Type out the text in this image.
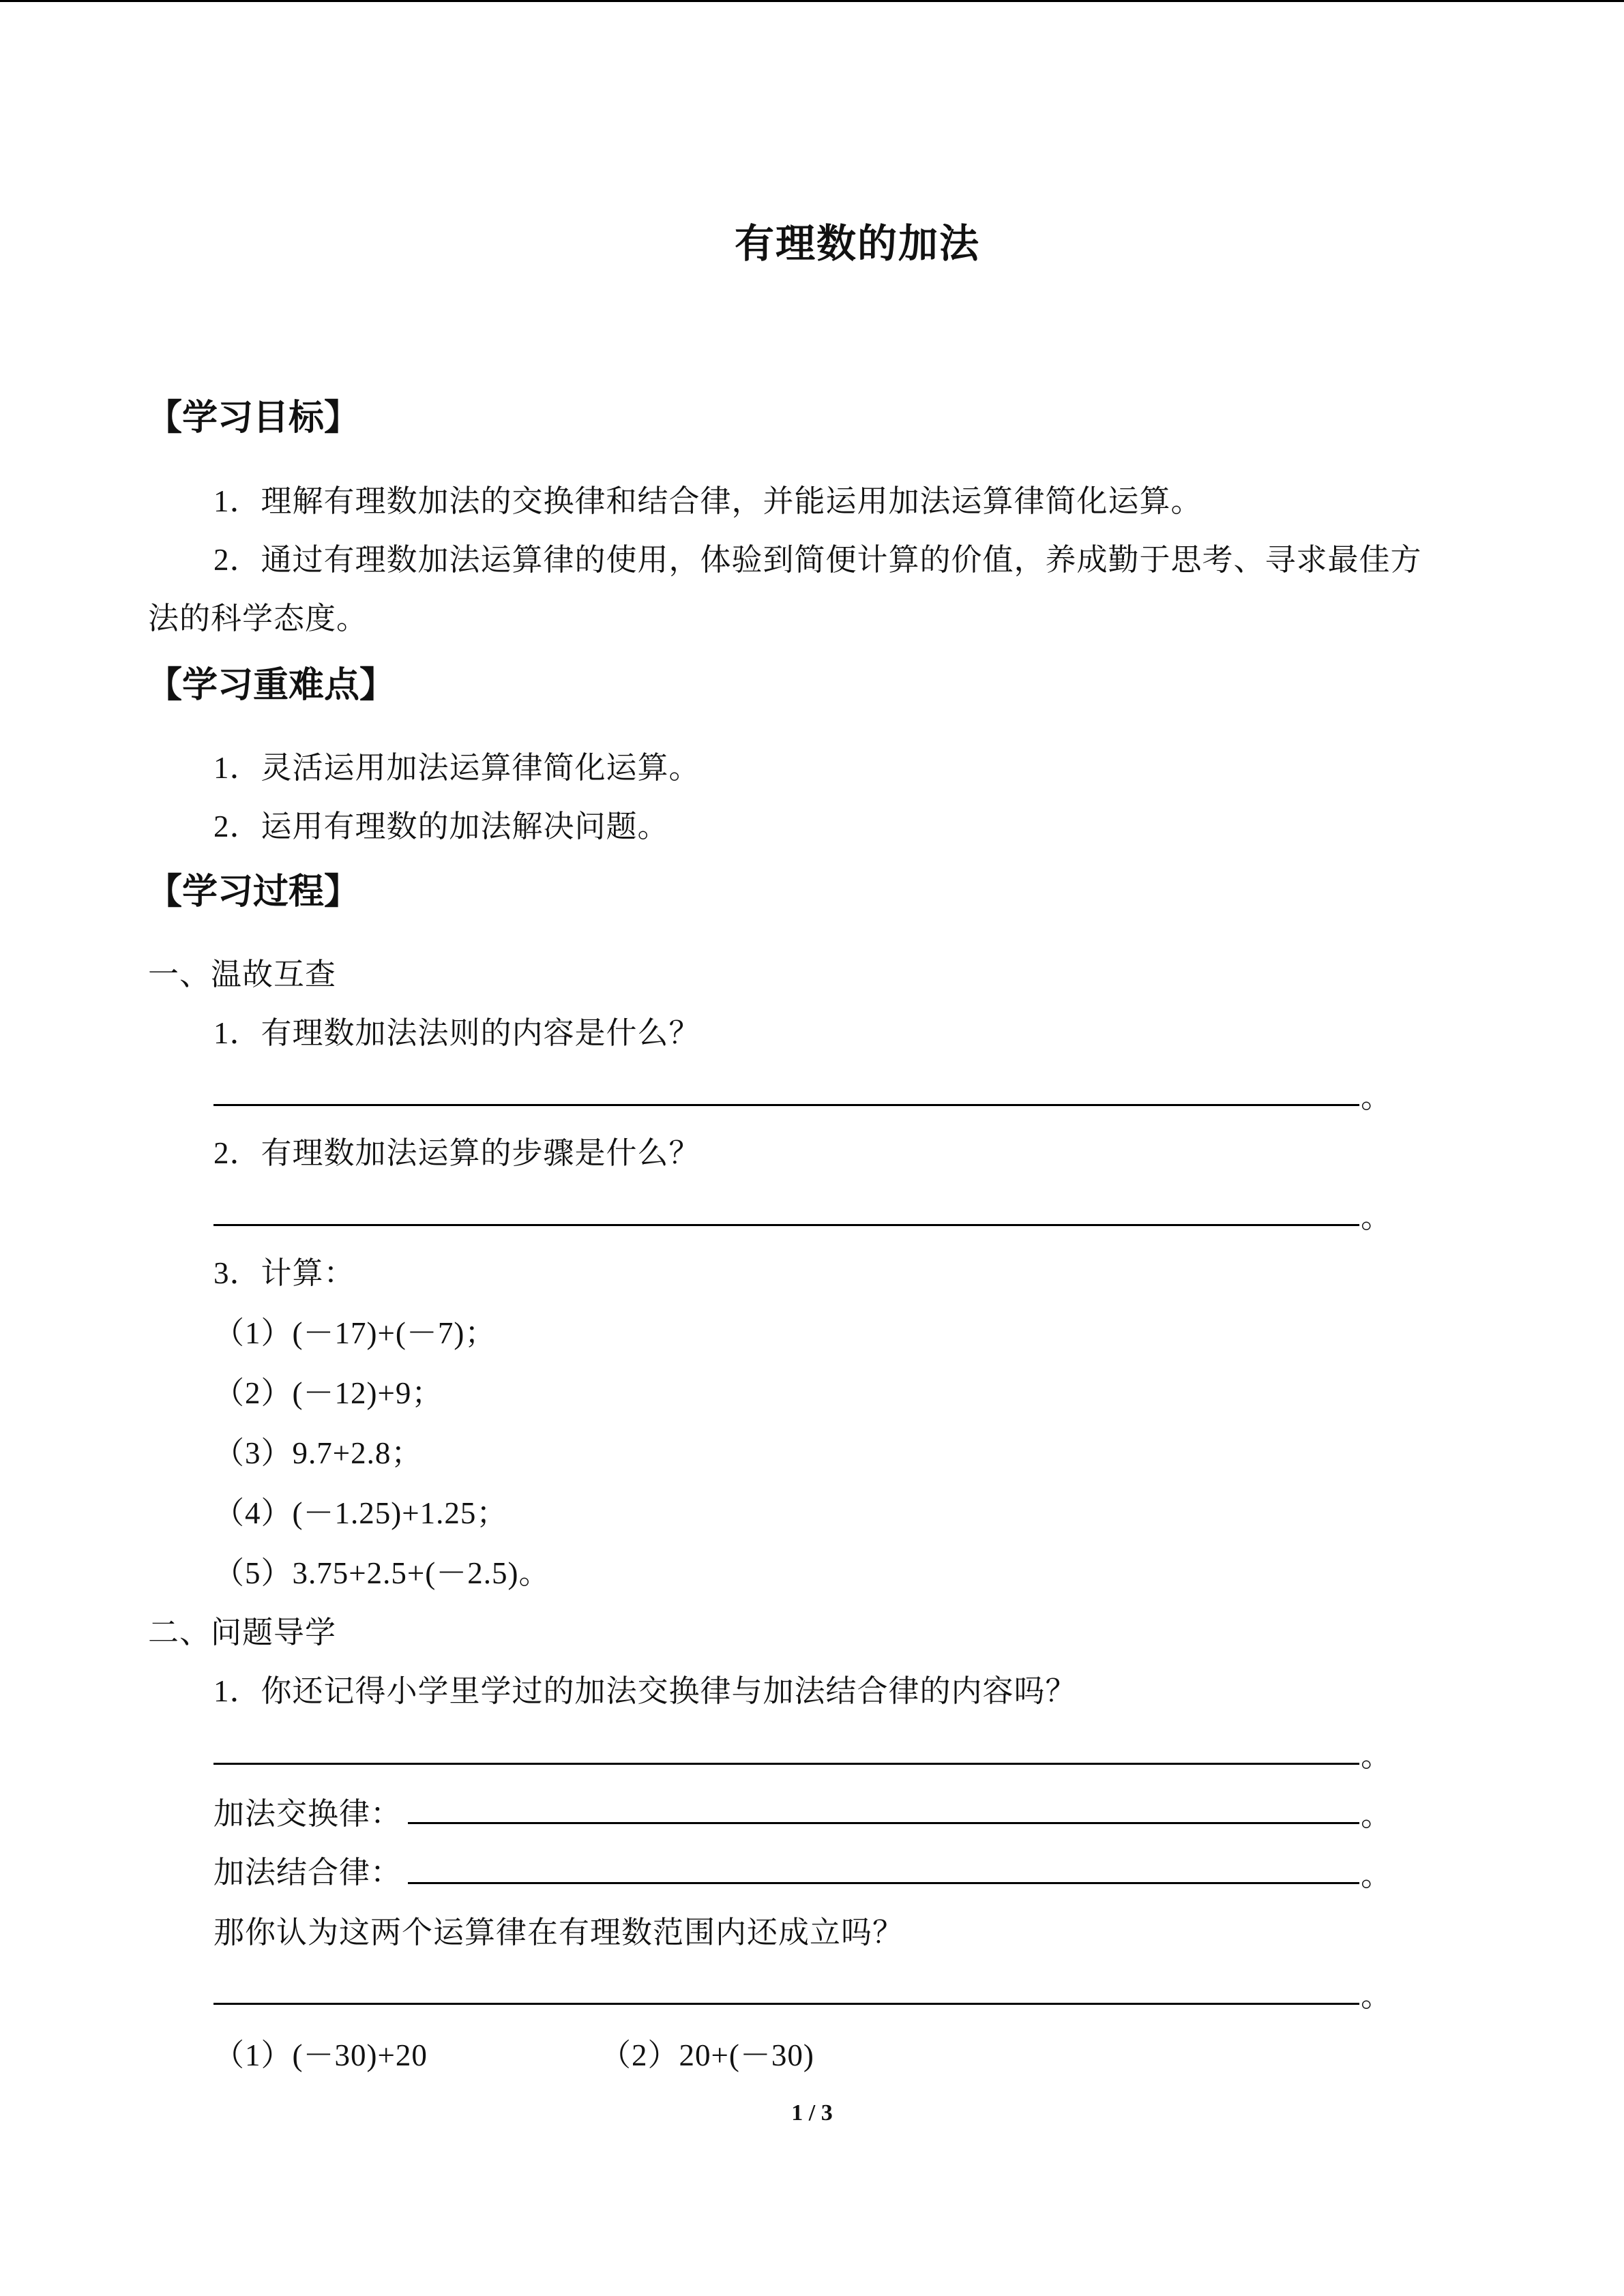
有理数的加法
【学习目标】
1．理解有理数加法的交换律和结合律，并能运用加法运算律简化运算。
2．通过有理数加法运算律的使用，体验到简便计算的价值，养成勤于思考、寻求最佳方
法的科学态度。
【学习重难点】
1．灵活运用加法运算律简化运算。
2．运用有理数的加法解决问题。
【学习过程】
一、温故互查
1．有理数加法法则的内容是什么？
。
2．有理数加法运算的步骤是什么？
。
3．计算：
（1）(－17)+(－7)；
（2）(－12)+9；
（3）9.7+2.8；
（4）(－1.25)+1.25；
（5）3.75+2.5+(－2.5)。
二、问题导学
1．你还记得小学里学过的加法交换律与加法结合律的内容吗？
。
加法交换律：	。
加法结合律：	。
那你认为这两个运算律在有理数范围内还成立吗？
。
（1）(－30)+20	（2）20+(－30)
1 / 3
